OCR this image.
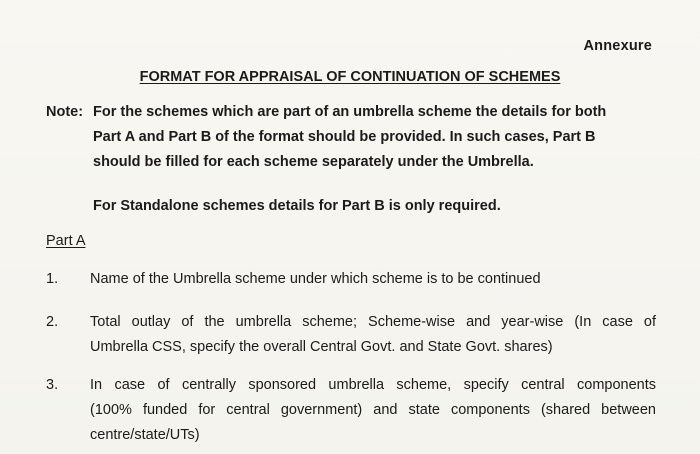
Annexure
FORMAT FOR APPRAISAL OF CONTINUATION OF SCHEMES
Note: For the schemes which are part of an umbrella scheme the details for both
Part A and Part B of the format should be provided. In such cases, Part B
should be filled for each scheme separately under the Umbrella.
For Standalone schemes details for Part B is only required.
Part A
1. Name of the Umbrella scheme under which scheme is to be continued
2. Total outlay of the umbrella scheme; Scheme-wise and year-wise (In case of
Umbrella CSS, specify the overall Central Govt. and State Govt. shares)
3. In case of centrally sponsored umbrella scheme, specify central components
(100% funded for central government) and state components (shared between
centre/state/UTs)
